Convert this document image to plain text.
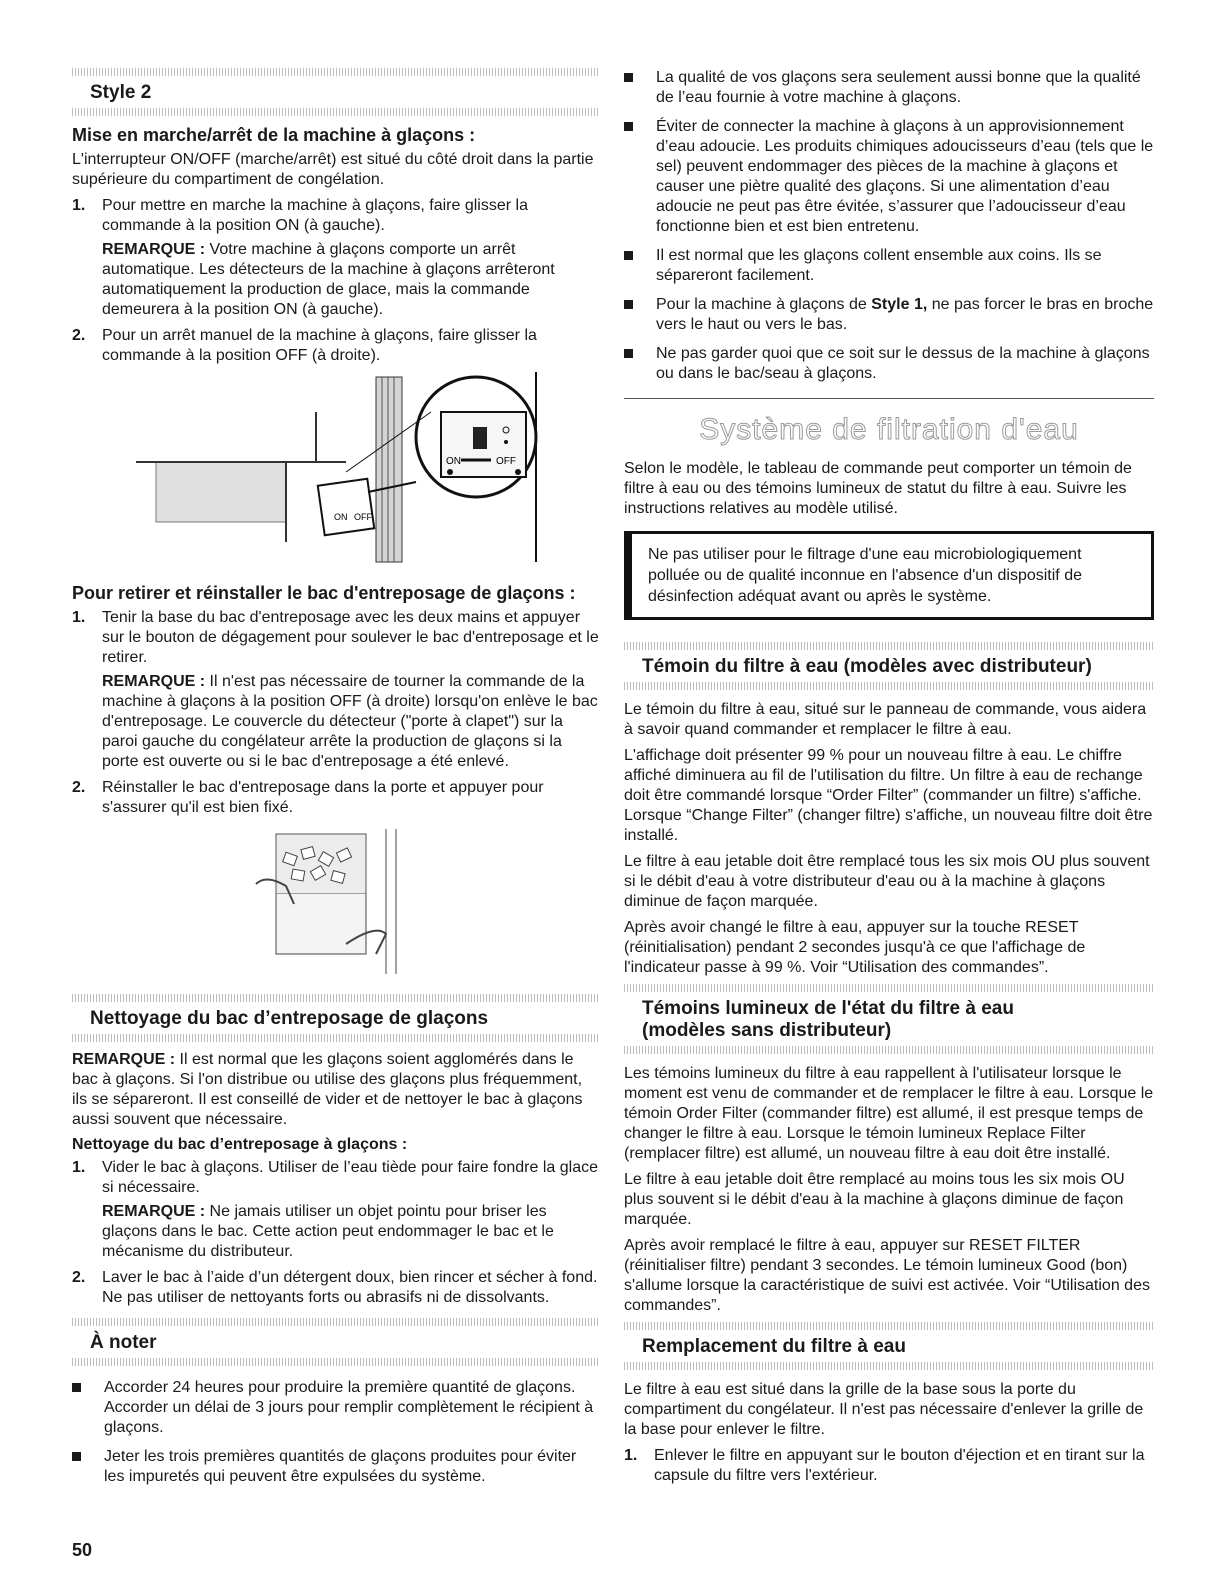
Style 2
Mise en marche/arrêt de la machine à glaçons :

L'interrupteur ON/OFF (marche/arrêt) est situé du côté droit dans la partie supérieure du compartiment de congélation.

1. Pour mettre en marche la machine à glaçons, faire glisser la commande à la position ON (à gauche).

REMARQUE : Votre machine à glaçons comporte un arrêt automatique. Les détecteurs de la machine à glaçons arrêteront automatiquement la production de glace, mais la commande demeurera à la position ON (à gauche).

2. Pour un arrêt manuel de la machine à glaçons, faire glisser la commande à la position OFF (à droite).
ON OFF
ON	OFF
Pour retirer et réinstaller le bac d'entreposage de glaçons :
1. Tenir la base du bac d'entreposage avec les deux mains et appuyer sur le bouton de dégagement pour soulever le bac d'entreposage et le retirer.

REMARQUE : Il n'est pas nécessaire de tourner la commande de la machine à glaçons à la position OFF (à droite) lorsqu'on enlève le bac d'entreposage. Le couvercle du détecteur ("porte à clapet") sur la paroi gauche du congélateur arrête la production de glaçons si la porte est ouverte ou si le bac d'entreposage a été enlevé.

2. Réinstaller le bac d'entreposage dans la porte et appuyer pour s'assurer qu'il est bien fixé.
Nettoyage du bac d’entreposage de glaçons

REMARQUE : Il est normal que les glaçons soient agglomérés dans le bac à glaçons. Si l'on distribue ou utilise des glaçons plus fréquemment, ils se sépareront. Il est conseillé de vider et de nettoyer le bac à glaçons aussi souvent que nécessaire.

Nettoyage du bac d’entreposage à glaçons :
1. Vider le bac à glaçons. Utiliser de l’eau tiède pour faire fondre la glace si nécessaire.

REMARQUE : Ne jamais utiliser un objet pointu pour briser les glaçons dans le bac. Cette action peut endommager le bac et le mécanisme du distributeur.

2. Laver le bac à l’aide d’un détergent doux, bien rincer et sécher à fond. Ne pas utiliser de nettoyants forts ou abrasifs ni de dissolvants.
À noter
Accorder 24 heures pour produire la première quantité de glaçons. Accorder un délai de 3 jours pour remplir complètement le récipient à glaçons.
Jeter les trois premières quantités de glaçons produites pour éviter les impuretés qui peuvent être expulsées du système.
La qualité de vos glaçons sera seulement aussi bonne que la qualité de l’eau fournie à votre machine à glaçons.
Éviter de connecter la machine à glaçons à un approvisionnement d’eau adoucie. Les produits chimiques adoucisseurs d’eau (tels que le sel) peuvent endommager des pièces de la machine à glaçons et causer une piètre qualité des glaçons. Si une alimentation d’eau adoucie ne peut pas être évitée, s’assurer que l’adoucisseur d’eau fonctionne bien et est bien entretenu.
Il est normal que les glaçons collent ensemble aux coins. Ils se sépareront facilement.
Pour la machine à glaçons de Style 1, ne pas forcer le bras en broche vers le haut ou vers le bas.
Ne pas garder quoi que ce soit sur le dessus de la machine à glaçons ou dans le bac/seau à glaçons.
Système de filtration d'eau

Selon le modèle, le tableau de commande peut comporter un témoin de filtre à eau ou des témoins lumineux de statut du filtre à eau. Suivre les instructions relatives au modèle utilisé.

Ne pas utiliser pour le filtrage d'une eau microbiologiquement polluée ou de qualité inconnue en l'absence d'un dispositif de désinfection adéquat avant ou après le système.
Témoin du filtre à eau (modèles avec distributeur)

Le témoin du filtre à eau, situé sur le panneau de commande, vous aidera à savoir quand commander et remplacer le filtre à eau.

L'affichage doit présenter 99 % pour un nouveau filtre à eau. Le chiffre affiché diminuera au fil de l'utilisation du filtre. Un filtre à eau de rechange doit être commandé lorsque “Order Filter” (commander un filtre) s'affiche. Lorsque “Change Filter” (changer filtre) s'affiche, un nouveau filtre doit être installé.

Le filtre à eau jetable doit être remplacé tous les six mois OU plus souvent si le débit d'eau à votre distributeur d'eau ou à la machine à glaçons diminue de façon marquée.

Après avoir changé le filtre à eau, appuyer sur la touche RESET (réinitialisation) pendant 2 secondes jusqu'à ce que l'affichage de l'indicateur passe à 99 %. Voir “Utilisation des commandes”.

Témoins lumineux de l'état du filtre à eau
(modèles sans distributeur)

Les témoins lumineux du filtre à eau rappellent à l'utilisateur lorsque le moment est venu de commander et de remplacer le filtre à eau. Lorsque le témoin Order Filter (commander filtre) est allumé, il est presque temps de changer le filtre à eau. Lorsque le témoin lumineux Replace Filter (remplacer filtre) est allumé, un nouveau filtre à eau doit être installé.

Le filtre à eau jetable doit être remplacé au moins tous les six mois OU plus souvent si le débit d'eau à la machine à glaçons diminue de façon marquée.

Après avoir remplacé le filtre à eau, appuyer sur RESET FILTER (réinitialiser filtre) pendant 3 secondes. Le témoin lumineux Good (bon) s'allume lorsque la caractéristique de suivi est activée. Voir “Utilisation des commandes”.

Remplacement du filtre à eau

Le filtre à eau est situé dans la grille de la base sous la porte du compartiment du congélateur. Il n'est pas nécessaire d'enlever la grille de la base pour enlever le filtre.

1. Enlever le filtre en appuyant sur le bouton d'éjection et en tirant sur la capsule du filtre vers l'extérieur.
50
